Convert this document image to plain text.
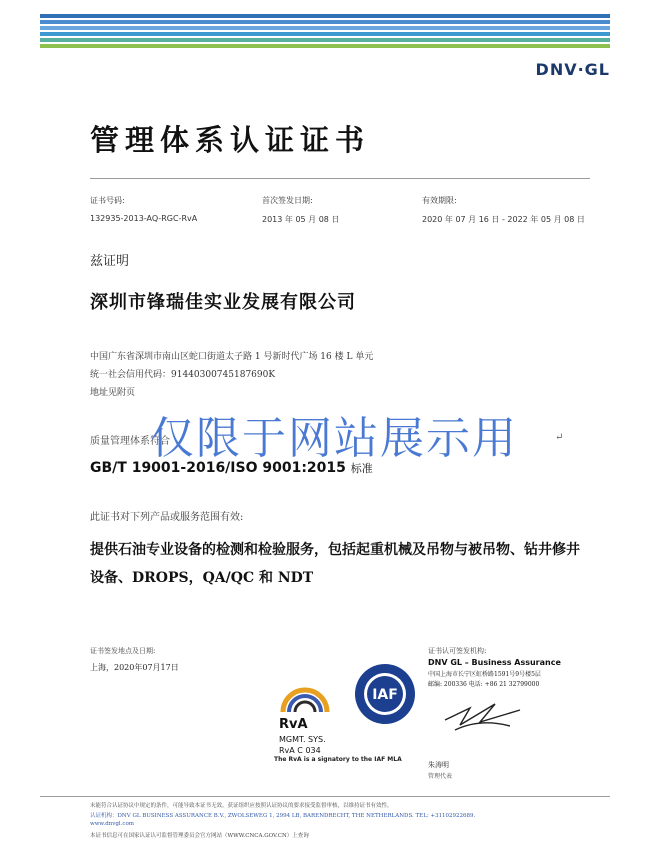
DNV·GL
管理体系认证证书
证书号码:
132935-2013-AQ-RGC-RvA
首次签发日期:
2013 年 05 月 08 日
有效期限:
2020 年 07 月 16 日 - 2022 年 05 月 08 日
兹证明
深圳市锋瑞佳实业发展有限公司
中国广东省深圳市南山区蛇口街道太子路 1 号新时代广场 16 楼 L 单元
统一社会信用代码：91440300745187690K
地址见附页
质量管理体系符合
仅限于网站展示用	↵
GB/T 19001-2016/ISO 9001:2015 标准
此证书对下列产品或服务范围有效:
提供石油专业设备的检测和检验服务，包括起重机械及吊物与被吊物、钻井修井设备、DROPS，QA/QC 和 NDT
证书签发地点及日期:
上海，2020年07月17日
证书认可签发机构:
DNV GL – Business Assurance
中国上海市长宁区虹桥路1591号9号楼5层
邮编: 200336 电话: +86 21 32799000
RvA
MGMT. SYS.
RvA C 034
IAF
The RvA is a signatory to the IAF MLA
朱涛明
管理代表
未能符合认证协议中规定的条件，可能导致本证书无效。获证组织应按照认证协议的要求接受监督审核，以维持证书有效性。
认证机构：DNV GL BUSINESS ASSURANCE B.V., ZWOLSEWEG 1, 2994 LB, BARENDRECHT, THE NETHERLANDS. TEL: +31102922689.
www.dnvgl.com
本证书信息可在国家认证认可监督管理委员会官方网站（WWW.CNCA.GOV.CN）上查询
